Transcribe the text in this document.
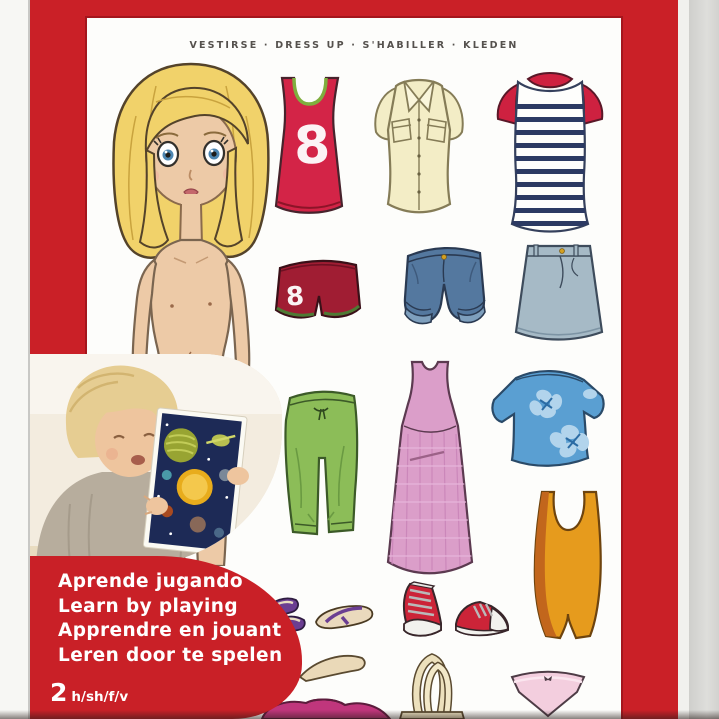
VESTIRSE · DRESS UP · S'HABILLER · KLEDEN
8
8
Aprende jugando
Learn by playing
Apprendre en jouant
Leren door te spelen
2 h/sh/f/v
